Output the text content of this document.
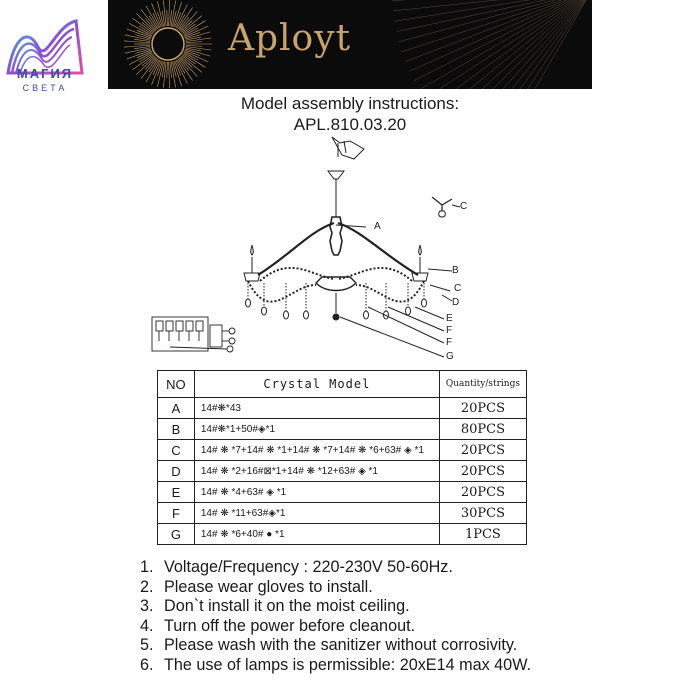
МАГИЯ
СВЕТА
Aployt
Model assembly instructions:
APL.810.03.20
A
B
C
C
D
E
F
F
G
NO	Crystal Model	Quantity/strings
A	14#❋*43	20PCS
B	14#❋*1+50#◈*1	80PCS
C	14# ❋ *7+14# ❋ *1+14# ❋ *7+14# ❋ *6+63# ◈ *1	20PCS
D	14# ❋ *2+16#⊠*1+14# ❋ *12+63# ◈ *1	20PCS
E	14# ❋ *4+63# ◈ *1	20PCS
F	14# ❋ *11+63#◈*1	30PCS
G	14# ❋ *6+40# ● *1	1PCS
1. Voltage/Frequency : 220-230V 50-60Hz.
2. Please wear gloves to install.
3. Don`t install it on the moist ceiling.
4. Turn off the power before cleanout.
5. Please wash with the sanitizer without corrosivity.
6. The use of lamps is permissible: 20xE14 max 40W.
